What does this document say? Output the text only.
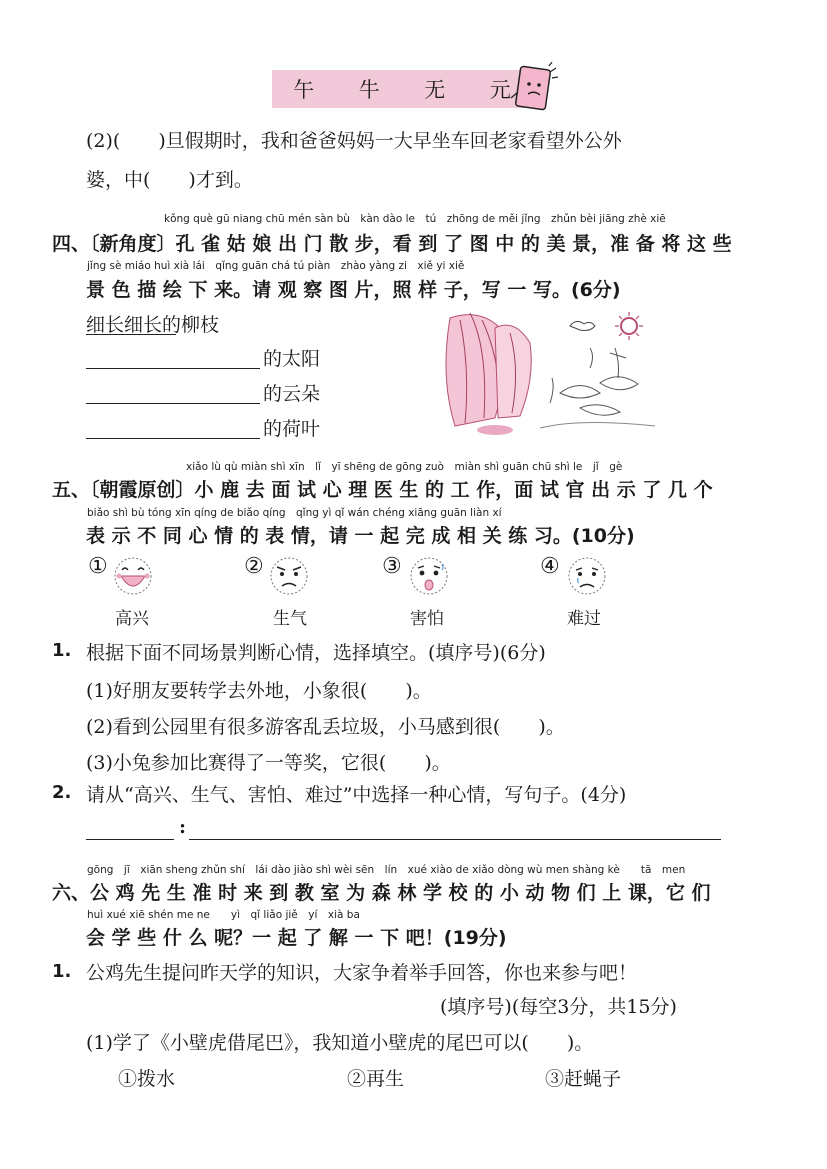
午 牛 无 元
(2)(　　)旦假期时，我和爸爸妈妈一大早坐车回老家看望外公外
婆，中(　　)才到。
kǒng què gū niang chū mén sàn bù　kàn dào le　tú　zhōng de měi jǐng　zhǔn bèi jiāng zhè xiē
四、〔新角度〕孔 雀 姑 娘 出 门 散 步，看 到 了 图 中 的 美 景，准 备 将 这 些
jǐng sè miáo huì xià lái　qǐng guān chá tú piàn　zhào yàng zi　xiě yi xiě
景 色 描 绘 下 来。请 观 察 图 片，照 样 子，写 一 写。(6分)
细长细长的柳枝
的太阳
的云朵
的荷叶
xiǎo lù qù miàn shì xīn　lǐ　yī shēng de gōng zuò　miàn shì guān chū shì le　jǐ　gè
五、〔朝霞原创〕小 鹿 去 面 试 心 理 医 生 的 工 作，面 试 官 出 示 了 几 个
biǎo shì bù tóng xīn qíng de biǎo qíng　qǐng yì qǐ wán chéng xiāng guān liàn xí
表 示 不 同 心 情 的 表 情，请 一 起 完 成 相 关 练 习。(10分)
①
高兴
②
生气
③
害怕
④
难过
1. 根据下面不同场景判断心情，选择填空。(填序号)(6分)
(1)好朋友要转学去外地，小象很(　　)。
(2)看到公园里有很多游客乱丢垃圾，小马感到很(　　)。
(3)小兔参加比赛得了一等奖，它很(　　)。
2. 请从“高兴、生气、害怕、难过”中选择一种心情，写句子。(4分)
:
gōng　jī　xiān sheng zhǔn shí　lái dào jiào shì wèi sēn　lín　xué xiào de xiǎo dòng wù men shàng kè　　tā　men
六、公 鸡 先 生 准 时 来 到 教 室 为 森 林 学 校 的 小 动 物 们 上 课，它 们
huì xué xiē shén me ne　　yì　qǐ liǎo jiě　yí　xià ba
会 学 些 什 么 呢？一 起 了 解 一 下 吧！(19分)
1. 公鸡先生提问昨天学的知识，大家争着举手回答，你也来参与吧！
(填序号)(每空3分，共15分)
(1)学了《小壁虎借尾巴》，我知道小壁虎的尾巴可以(　　)。
①拨水	②再生	③赶蝇子
